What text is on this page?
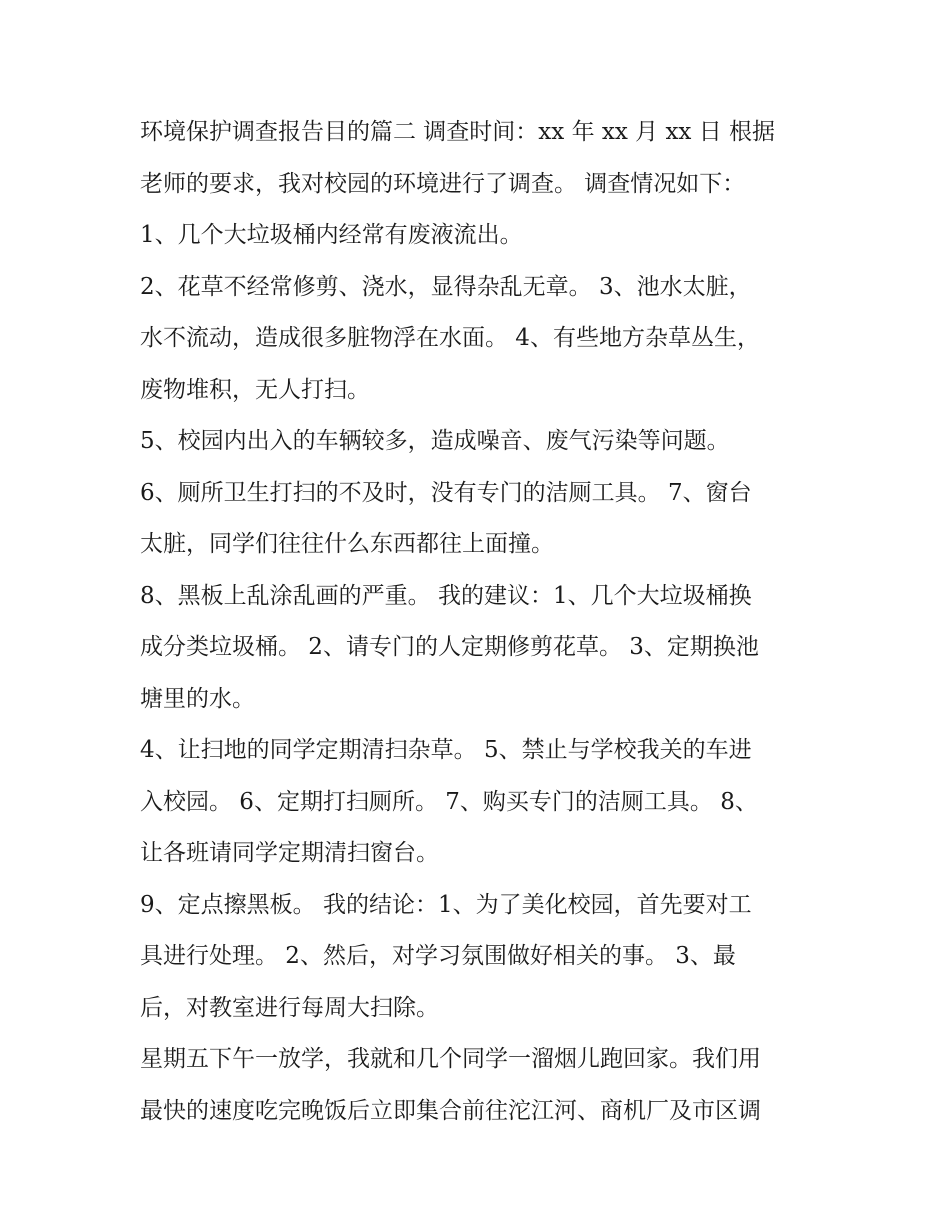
环境保护调查报告目的篇二 调查时间：xx 年 xx 月 xx 日 根据
老师的要求，我对校园的环境进行了调查。 调查情况如下：
1、几个大垃圾桶内经常有废液流出。
2、花草不经常修剪、浇水，显得杂乱无章。 3、池水太脏，
水不流动，造成很多脏物浮在水面。 4、有些地方杂草丛生，
废物堆积，无人打扫。
5、校园内出入的车辆较多，造成噪音、废气污染等问题。
6、厕所卫生打扫的不及时，没有专门的洁厕工具。 7、窗台
太脏，同学们往往什么东西都往上面撞。
8、黑板上乱涂乱画的严重。 我的建议：1、几个大垃圾桶换
成分类垃圾桶。 2、请专门的人定期修剪花草。 3、定期换池
塘里的水。
4、让扫地的同学定期清扫杂草。 5、禁止与学校我关的车进
入校园。 6、定期打扫厕所。 7、购买专门的洁厕工具。 8、
让各班请同学定期清扫窗台。
9、定点擦黑板。 我的结论：1、为了美化校园，首先要对工
具进行处理。 2、然后，对学习氛围做好相关的事。 3、最
后，对教室进行每周大扫除。
星期五下午一放学，我就和几个同学一溜烟儿跑回家。我们用
最快的速度吃完晚饭后立即集合前往沱江河、商机厂及市区调
